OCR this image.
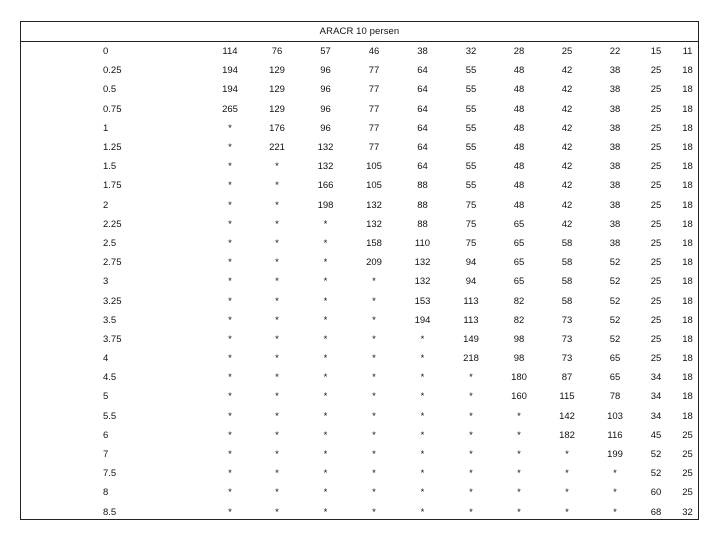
ARACR 10 persen
0	114	76	57	46	38	32	28	25	22	15	11
0.25	194	129	96	77	64	55	48	42	38	25	18
0.5	194	129	96	77	64	55	48	42	38	25	18
0.75	265	129	96	77	64	55	48	42	38	25	18
1	*	176	96	77	64	55	48	42	38	25	18
1.25	*	221	132	77	64	55	48	42	38	25	18
1.5	*	*	132	105	64	55	48	42	38	25	18
1.75	*	*	166	105	88	55	48	42	38	25	18
2	*	*	198	132	88	75	48	42	38	25	18
2.25	*	*	*	132	88	75	65	42	38	25	18
2.5	*	*	*	158	110	75	65	58	38	25	18
2.75	*	*	*	209	132	94	65	58	52	25	18
3	*	*	*	*	132	94	65	58	52	25	18
3.25	*	*	*	*	153	113	82	58	52	25	18
3.5	*	*	*	*	194	113	82	73	52	25	18
3.75	*	*	*	*	*	149	98	73	52	25	18
4	*	*	*	*	*	218	98	73	65	25	18
4.5	*	*	*	*	*	*	180	87	65	34	18
5	*	*	*	*	*	*	160	115	78	34	18
5.5	*	*	*	*	*	*	*	142	103	34	18
6	*	*	*	*	*	*	*	182	116	45	25
7	*	*	*	*	*	*	*	*	199	52	25
7.5	*	*	*	*	*	*	*	*	*	52	25
8	*	*	*	*	*	*	*	*	*	60	25
8.5	*	*	*	*	*	*	*	*	*	68	32
